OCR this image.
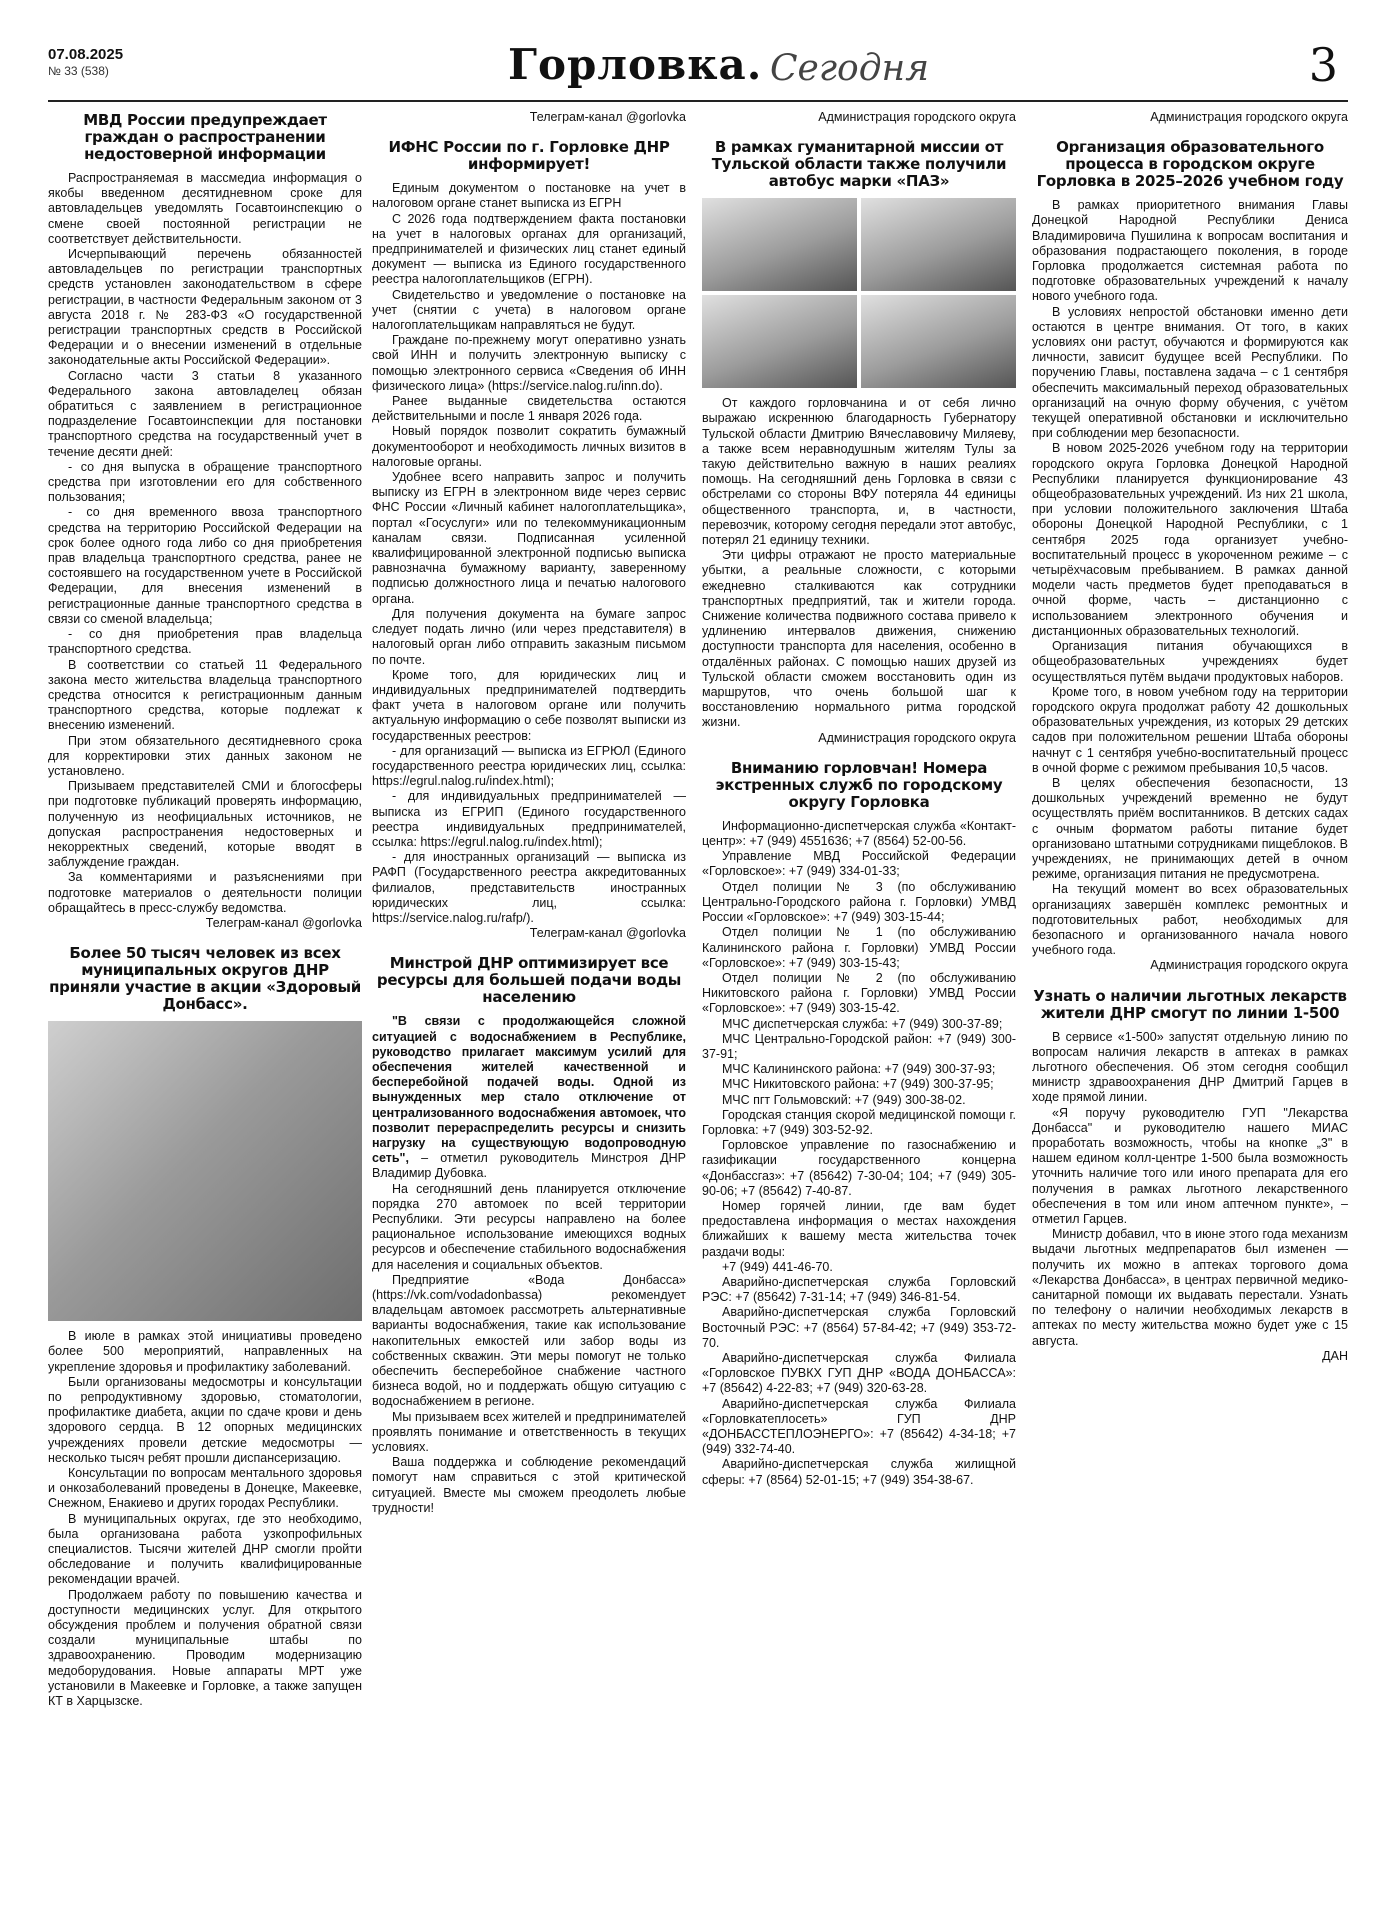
07.08.2025
№ 33 (538)	Горловка. Сегодня	3
МВД России предупреждает граждан о распространении недостоверной информации

Распространяемая в массмедиа информация о якобы введенном десятидневном сроке для автовладельцев уведомлять Госавтоинспекцию о смене своей постоянной регистрации не соответствует действительности.

Исчерпывающий перечень обязанностей автовладельцев по регистрации транспортных средств установлен законодательством в сфере регистрации, в частности Федеральным законом от 3 августа 2018 г. № 283-ФЗ «О государственной регистрации транспортных средств в Российской Федерации и о внесении изменений в отдельные законодательные акты Российской Федерации».

Согласно части 3 статьи 8 указанного Федерального закона автовладелец обязан обратиться с заявлением в регистрационное подразделение Госавтоинспекции для постановки транспортного средства на государственный учет в течение десяти дней:

- со дня выпуска в обращение транспортного средства при изготовлении его для собственного пользования;

- со дня временного ввоза транспортного средства на территорию Российской Федерации на срок более одного года либо со дня приобретения прав владельца транспортного средства, ранее не состоявшего на государственном учете в Российской Федерации, для внесения изменений в регистрационные данные транспортного средства в связи со сменой владельца;

- со дня приобретения прав владельца транспортного средства.

В соответствии со статьей 11 Федерального закона место жительства владельца транспортного средства относится к регистрационным данным транспортного средства, которые подлежат к внесению изменений.

При этом обязательного десятидневного срока для корректировки этих данных законом не установлено.

Призываем представителей СМИ и блогосферы при подготовке публикаций проверять информацию, полученную из неофициальных источников, не допуская распространения недостоверных и некорректных сведений, которые вводят в заблуждение граждан.

За комментариями и разъяснениями при подготовке материалов о деятельности полиции обращайтесь в пресс-службу ведомства.

Телеграм-канал @gorlovka
Более 50 тысяч человек из всех муниципальных округов ДНР приняли участие в акции «Здоровый Донбасс».

В июле в рамках этой инициативы проведено более 500 мероприятий, направленных на укрепление здоровья и профилактику заболеваний.

Были организованы медосмотры и консультации по репродуктивному здоровью, стоматологии, профилактике диабета, акции по сдаче крови и день здорового сердца. В 12 опорных медицинских учреждениях провели детские медосмотры — несколько тысяч ребят прошли диспансеризацию.

Консультации по вопросам ментального здоровья и онкозаболеваний проведены в Донецке, Макеевке, Снежном, Енакиево и других городах Республики.

В муниципальных округах, где это необходимо, была организована работа узкопрофильных специалистов. Тысячи жителей ДНР смогли пройти обследование и получить квалифицированные рекомендации врачей.

Продолжаем работу по повышению качества и доступности медицинских услуг. Для открытого обсуждения проблем и получения обратной связи создали муниципальные штабы по здравоохранению. Проводим модернизацию медоборудования. Новые аппараты МРТ уже установили в Макеевке и Горловке, а также запущен КТ в Харцызске.

Телеграм-канал @gorlovka
ИФНС России по г. Горловке ДНР информирует!

Единым документом о постановке на учет в налоговом органе станет выписка из ЕГРН

С 2026 года подтверждением факта постановки на учет в налоговых органах для организаций, предпринимателей и физических лиц станет единый документ — выписка из Единого государственного реестра налогоплательщиков (ЕГРН).

Свидетельство и уведомление о постановке на учет (снятии с учета) в налоговом органе налогоплательщикам направляться не будут.

Граждане по-прежнему могут оперативно узнать свой ИНН и получить электронную выписку с помощью электронного сервиса «Сведения об ИНН физического лица» (https://service.nalog.ru/inn.do).

Ранее выданные свидетельства остаются действительными и после 1 января 2026 года.

Новый порядок позволит сократить бумажный документооборот и необходимость личных визитов в налоговые органы.

Удобнее всего направить запрос и получить выписку из ЕГРН в электронном виде через сервис ФНС России «Личный кабинет налогоплательщика», портал «Госуслуги» или по телекоммуникационным каналам связи. Подписанная усиленной квалифицированной электронной подписью выписка равнозначна бумажному варианту, заверенному подписью должностного лица и печатью налогового органа.

Для получения документа на бумаге запрос следует подать лично (или через представителя) в налоговый орган либо отправить заказным письмом по почте.

Кроме того, для юридических лиц и индивидуальных предпринимателей подтвердить факт учета в налоговом органе или получить актуальную информацию о себе позволят выписки из государственных реестров:

- для организаций — выписка из ЕГРЮЛ (Единого государственного реестра юридических лиц, ссылка: https://egrul.nalog.ru/index.html);

- для индивидуальных предпринимателей — выписка из ЕГРИП (Единого государственного реестра индивидуальных предпринимателей, ссылка: https://egrul.nalog.ru/index.html);

- для иностранных организаций — выписка из РАФП (Государственного реестра аккредитованных филиалов, представительств иностранных юридических лиц, ссылка: https://service.nalog.ru/rafp/).

Телеграм-канал @gorlovka
Минстрой ДНР оптимизирует все ресурсы для большей подачи воды населению

"В связи с продолжающейся сложной ситуацией с водоснабжением в Республике, руководство прилагает максимум усилий для обеспечения жителей качественной и бесперебойной подачей воды. Одной из вынужденных мер стало отключение от централизованного водоснабжения автомоек, что позволит перераспределить ресурсы и снизить нагрузку на существующую водопроводную сеть", – отметил руководитель Минстроя ДНР Владимир Дубовка.

На сегодняшний день планируется отключение порядка 270 автомоек по всей территории Республики. Эти ресурсы направлено на более рациональное использование имеющихся водных ресурсов и обеспечение стабильного водоснабжения для населения и социальных объектов.

Предприятие «Вода Донбасса» (https://vk.com/vodadonbassa) рекомендует владельцам автомоек рассмотреть альтернативные варианты водоснабжения, такие как использование накопительных емкостей или забор воды из собственных скважин. Эти меры помогут не только обеспечить бесперебойное снабжение частного бизнеса водой, но и поддержать общую ситуацию с водоснабжением в регионе.

Мы призываем всех жителей и предпринимателей проявлять понимание и ответственность в текущих условиях.

Ваша поддержка и соблюдение рекомендаций помогут нам справиться с этой критической ситуацией. Вместе мы сможем преодолеть любые трудности!

Администрация городского округа
В рамках гуманитарной миссии от Тульской области также получили автобус марки «ПАЗ»

От каждого горловчанина и от себя лично выражаю искреннюю благодарность Губернатору Тульской области Дмитрию Вячеславовичу Миляеву, а также всем неравнодушным жителям Тулы за такую действительно важную в наших реалиях помощь. На сегодняшний день Горловка в связи с обстрелами со стороны ВФУ потеряла 44 единицы общественного транспорта, и, в частности, перевозчик, которому сегодня передали этот автобус, потерял 21 единицу техники.

Эти цифры отражают не просто материальные убытки, а реальные сложности, с которыми ежедневно сталкиваются как сотрудники транспортных предприятий, так и жители города. Снижение количества подвижного состава привело к удлинению интервалов движения, снижению доступности транспорта для населения, особенно в отдалённых районах. С помощью наших друзей из Тульской области сможем восстановить один из маршрутов, что очень большой шаг к восстановлению нормального ритма городской жизни.

Администрация городского округа
Вниманию горловчан! Номера экстренных служб по городскому округу Горловка

Информационно-диспетчерская служба «Контакт-центр»: +7 (949) 4551636; +7 (8564) 52-00-56.

Управление МВД Российской Федерации «Горловское»: +7 (949) 334-01-33;

Отдел полиции № 3 (по обслуживанию Центрально-Городского района г. Горловки) УМВД России «Горловское»: +7 (949) 303-15-44;

Отдел полиции № 1 (по обслуживанию Калининского района г. Горловки) УМВД России «Горловское»: +7 (949) 303-15-43;

Отдел полиции № 2 (по обслуживанию Никитовского района г. Горловки) УМВД России «Горловское»: +7 (949) 303-15-42.

МЧС диспетчерская служба: +7 (949) 300-37-89;

МЧС Центрально-Городской район: +7 (949) 300-37-91;

МЧС Калининского района: +7 (949) 300-37-93;

МЧС Никитовского района: +7 (949) 300-37-95;

МЧС пгт Гольмовский: +7 (949) 300-38-02.

Городская станция скорой медицинской помощи г. Горловка: +7 (949) 303-52-92.

Горловское управление по газоснабжению и газификации государственного концерна «Донбассгаз»: +7 (85642) 7-30-04; 104; +7 (949) 305-90-06; +7 (85642) 7-40-87.

Номер горячей линии, где вам будет предоставлена информация о местах нахождения ближайших к вашему места жительства точек раздачи воды:

+7 (949) 441-46-70.

Аварийно-диспетчерская служба Горловский РЭС: +7 (85642) 7-31-14; +7 (949) 346-81-54.

Аварийно-диспетчерская служба Горловский Восточный РЭС: +7 (8564) 57-84-42; +7 (949) 353-72-70.

Аварийно-диспетчерская служба Филиала «Горловское ПУВКХ ГУП ДНР «ВОДА ДОНБАССА»: +7 (85642) 4-22-83; +7 (949) 320-63-28.

Аварийно-диспетчерская служба Филиала «Горловкатеплосеть» ГУП ДНР «ДОНБАССТЕПЛОЭНЕРГО»: +7 (85642) 4-34-18; +7 (949) 332-74-40.

Аварийно-диспетчерская служба жилищной сферы: +7 (8564) 52-01-15; +7 (949) 354-38-67.

Администрация городского округа
Организация образовательного процесса в городском округе Горловка в 2025–2026 учебном году

В рамках приоритетного внимания Главы Донецкой Народной Республики Дениса Владимировича Пушилина к вопросам воспитания и образования подрастающего поколения, в городе Горловка продолжается системная работа по подготовке образовательных учреждений к началу нового учебного года.

В условиях непростой обстановки именно дети остаются в центре внимания. От того, в каких условиях они растут, обучаются и формируются как личности, зависит будущее всей Республики. По поручению Главы, поставлена задача – с 1 сентября обеспечить максимальный переход образовательных организаций на очную форму обучения, с учётом текущей оперативной обстановки и исключительно при соблюдении мер безопасности.

В новом 2025-2026 учебном году на территории городского округа Горловка Донецкой Народной Республики планируется функционирование 43 общеобразовательных учреждений. Из них 21 школа, при условии положительного заключения Штаба обороны Донецкой Народной Республики, с 1 сентября 2025 года организует учебно-воспитательный процесс в укороченном режиме – с четырёхчасовым пребыванием. В рамках данной модели часть предметов будет преподаваться в очной форме, часть – дистанционно с использованием электронного обучения и дистанционных образовательных технологий.

Организация питания обучающихся в общеобразовательных учреждениях будет осуществляться путём выдачи продуктовых наборов.

Кроме того, в новом учебном году на территории городского округа продолжат работу 42 дошкольных образовательных учреждения, из которых 29 детских садов при положительном решении Штаба обороны начнут с 1 сентября учебно-воспитательный процесс в очной форме с режимом пребывания 10,5 часов.

В целях обеспечения безопасности, 13 дошкольных учреждений временно не будут осуществлять приём воспитанников. В детских садах с очным форматом работы питание будет организовано штатными сотрудниками пищеблоков. В учреждениях, не принимающих детей в очном режиме, организация питания не предусмотрена.

На текущий момент во всех образовательных организациях завершён комплекс ремонтных и подготовительных работ, необходимых для безопасного и организованного начала нового учебного года.

Администрация городского округа
Узнать о наличии льготных лекарств жители ДНР смогут по линии 1-500

В сервисе «1-500» запустят отдельную линию по вопросам наличия лекарств в аптеках в рамках льготного обеспечения. Об этом сегодня сообщил министр здравоохранения ДНР Дмитрий Гарцев в ходе прямой линии.

«Я поручу руководителю ГУП "Лекарства Донбасса" и руководителю нашего МИАС проработать возможность, чтобы на кнопке „3" в нашем едином колл-центре 1-500 была возможность уточнить наличие того или иного препарата для его получения в рамках льготного лекарственного обеспечения в том или ином аптечном пункте», – отметил Гарцев.

Министр добавил, что в июне этого года механизм выдачи льготных медпрепаратов был изменен — получить их можно в аптеках торгового дома «Лекарства Донбасса», в центрах первичной медико-санитарной помощи их выдавать перестали. Узнать по телефону о наличии необходимых лекарств в аптеках по месту жительства можно будет уже с 15 августа.

ДАН
